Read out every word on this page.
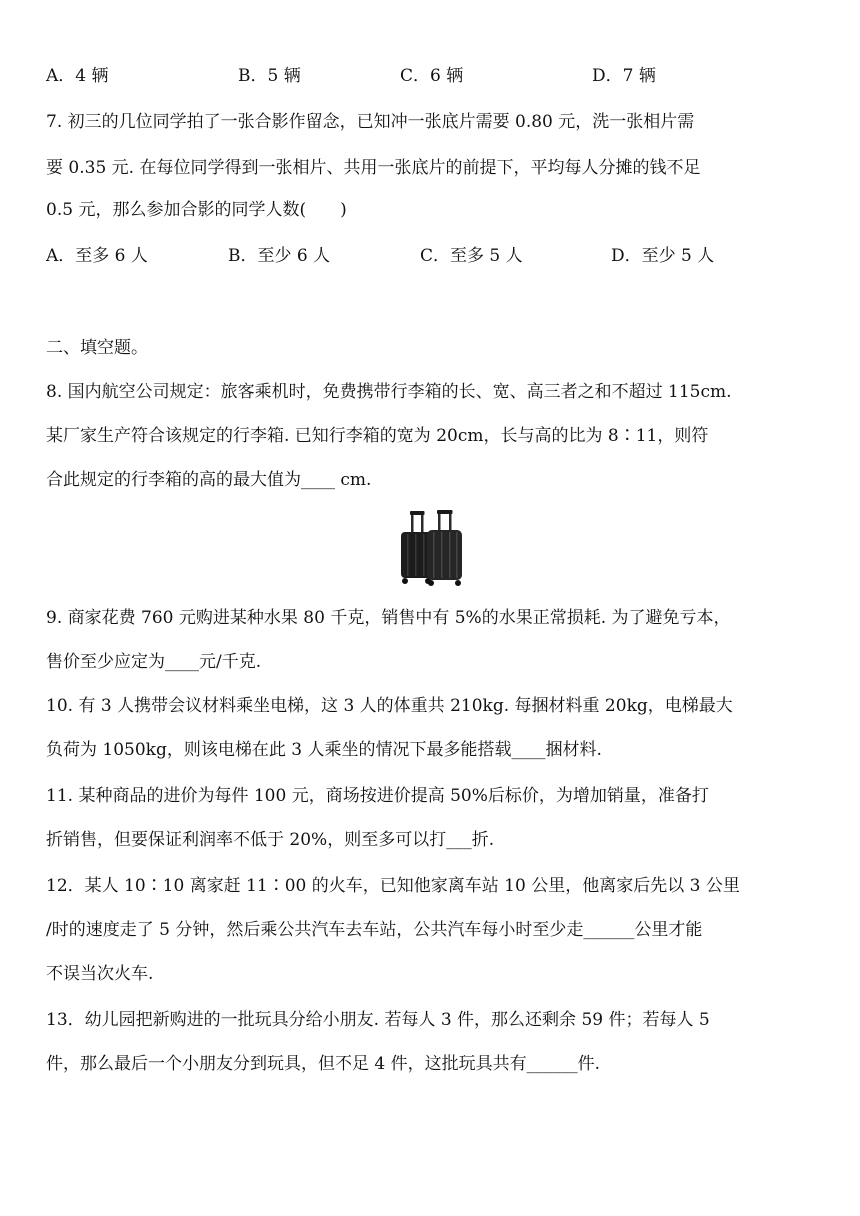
A．4 辆	B．5 辆	C．6 辆	D．7 辆
7. 初三的几位同学拍了一张合影作留念，已知冲一张底片需要 0.80 元，洗一张相片需
要 0.35 元. 在每位同学得到一张相片、共用一张底片的前提下，平均每人分摊的钱不足
0.5 元，那么参加合影的同学人数(　　)
A．至多 6 人	B．至少 6 人	C．至多 5 人	D．至少 5 人
二、填空题。
8. 国内航空公司规定：旅客乘机时，免费携带行李箱的长、宽、高三者之和不超过 115cm.
某厂家生产符合该规定的行李箱. 已知行李箱的宽为 20cm，长与高的比为 8∶11，则符
合此规定的行李箱的高的最大值为____ cm.
9. 商家花费 760 元购进某种水果 80 千克，销售中有 5%的水果正常损耗. 为了避免亏本，
售价至少应定为____元/千克.
10. 有 3 人携带会议材料乘坐电梯，这 3 人的体重共 210kg. 每捆材料重 20kg，电梯最大
负荷为 1050kg，则该电梯在此 3 人乘坐的情况下最多能搭载____捆材料.
11. 某种商品的进价为每件 100 元，商场按进价提高 50%后标价，为增加销量，准备打
折销售，但要保证利润率不低于 20%，则至多可以打___折.
12．某人 10∶10 离家赶 11∶00 的火车，已知他家离车站 10 公里，他离家后先以 3 公里
/时的速度走了 5 分钟，然后乘公共汽车去车站，公共汽车每小时至少走______公里才能
不误当次火车.
13．幼儿园把新购进的一批玩具分给小朋友. 若每人 3 件，那么还剩余 59 件；若每人 5
件，那么最后一个小朋友分到玩具，但不足 4 件，这批玩具共有______件.
